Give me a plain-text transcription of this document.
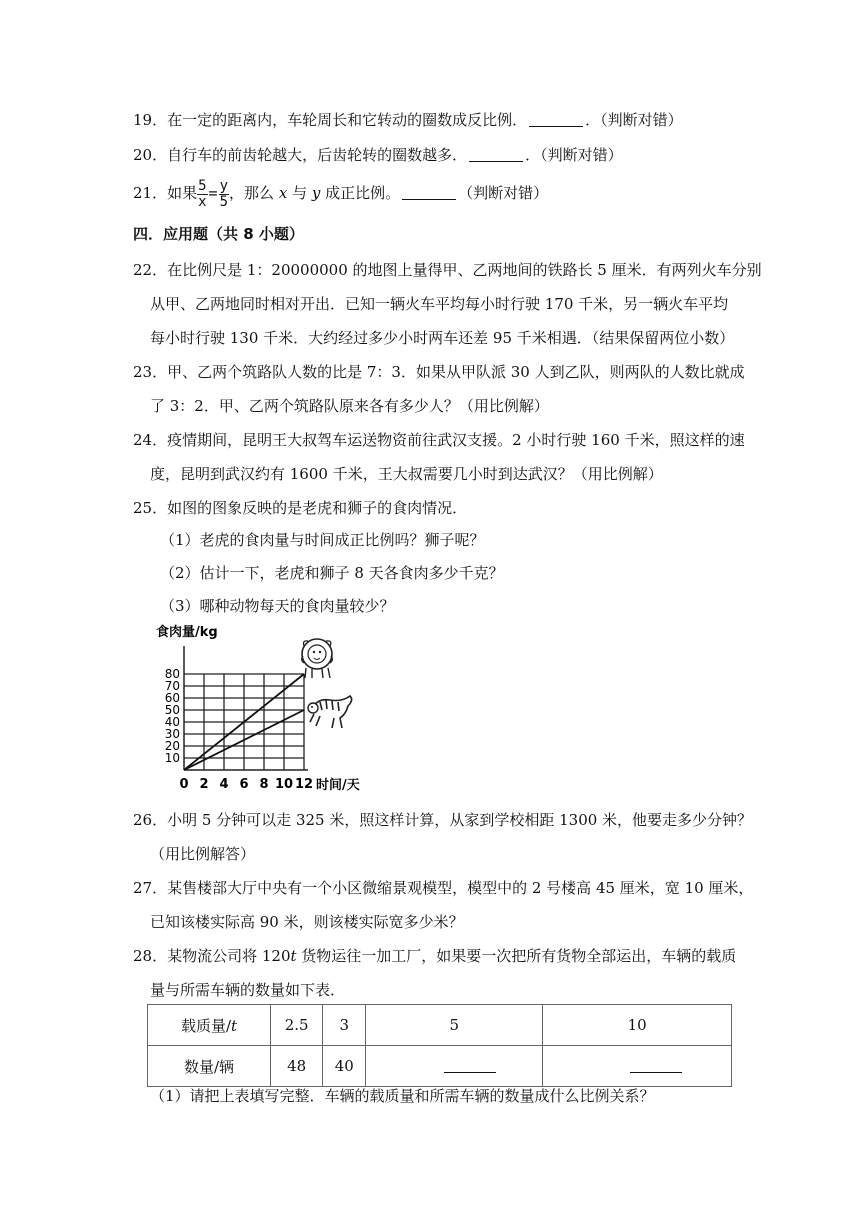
19．在一定的距离内，车轮周长和它转动的圈数成反比例．	．（判断对错）
20．自行车的前齿轮越大，后齿轮转的圈数越多．	．（判断对错）
21．如果 $\frac{5}{x} = \frac{y}{5}$ ，那么 x 与 y 成正比例。	（判断对错）
四．应用题（共 8 小题）
22．在比例尺是 1：20000000 的地图上量得甲、乙两地间的铁路长 5 厘米．有两列火车分别
从甲、乙两地同时相对开出．已知一辆火车平均每小时行驶 170 千米，另一辆火车平均
每小时行驶 130 千米．大约经过多少小时两车还差 95 千米相遇．（结果保留两位小数）
23．甲、乙两个筑路队人数的比是 7：3．如果从甲队派 30 人到乙队，则两队的人数比就成
了 3：2．甲、乙两个筑路队原来各有多少人？（用比例解）
24．疫情期间，昆明王大叔驾车运送物资前往武汉支援。2 小时行驶 160 千米，照这样的速
度，昆明到武汉约有 1600 千米，王大叔需要几小时到达武汉？（用比例解）
25．如图的图象反映的是老虎和狮子的食肉情况．
（1）老虎的食肉量与时间成正比例吗？狮子呢？
（2）估计一下，老虎和狮子 8 天各食肉多少千克？
（3）哪种动物每天的食肉量较少？
0 2 4 6 8 10 12
10
20
30
40
50
60
70
80
食肉量/kg
时间/天
26．小明 5 分钟可以走 325 米，照这样计算，从家到学校相距 1300 米，他要走多少分钟？
（用比例解答）
27．某售楼部大厅中央有一个小区微缩景观模型，模型中的 2 号楼高 45 厘米，宽 10 厘米，
已知该楼实际高 90 米，则该楼实际宽多少米？
28．某物流公司将 120t 货物运往一加工厂，如果要一次把所有货物全部运出，车辆的载质
量与所需车辆的数量如下表．
载质量/t	2.5	3	5	10
数量/辆	48	40		
（1）请把上表填写完整．车辆的载质量和所需车辆的数量成什么比例关系？
